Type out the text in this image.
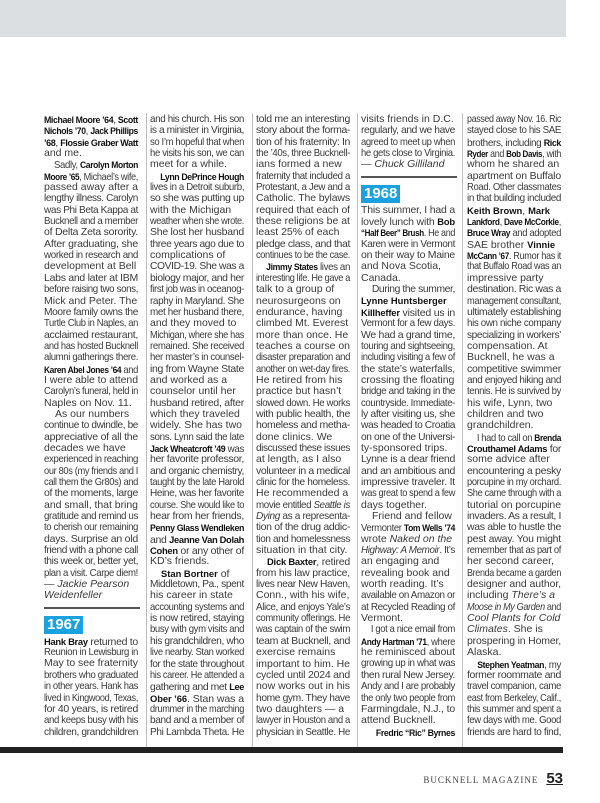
Michael Moore ’64, Scott
Nichols ’70, Jack Phillips
’68, Flossie Graber Watt
and me.
Sadly, Carolyn Morton
Moore ’65, Michael’s wife,
passed away after a
lengthy illness. Carolyn
was Phi Beta Kappa at
Bucknell and a member
of Delta Zeta sorority.
After graduating, she
worked in research and
development at Bell
Labs and later at IBM
before raising two sons,
Mick and Peter. The
Moore family owns the
Turtle Club in Naples, an
acclaimed restaurant,
and has hosted Bucknell
alumni gatherings there.
Karen Abel Jones ’64 and
I were able to attend
Carolyn’s funeral, held in
Naples on Nov. 11.
As our numbers
continue to dwindle, be
appreciative of all the
decades we have
experienced in reaching
our 80s (my friends and I
call them the Gr80s) and
of the moments, large
and small, that bring
gratitude and remind us
to cherish our remaining
days. Surprise an old
friend with a phone call
this week or, better yet,
plan a visit. Carpe diem!
— Jackie Pearson
Weidenfeller
1967
Hank Bray returned to
Reunion in Lewisburg in
May to see fraternity
brothers who graduated
in other years. Hank has
lived in Kingwood, Texas,
for 40 years, is retired
and keeps busy with his
children, grandchildren
and his church. His son
is a minister in Virginia,
so I’m hopeful that when
he visits his son, we can
meet for a while.
Lynn DePrince Hough
lives in a Detroit suburb,
so she was putting up
with the Michigan
weather when she wrote.
She lost her husband
three years ago due to
complications of
COVID-19. She was a
biology major, and her
first job was in oceanog-
raphy in Maryland. She
met her husband there,
and they moved to
Michigan, where she has
remained. She received
her master’s in counsel-
ing from Wayne State
and worked as a
counselor until her
husband retired, after
which they traveled
widely. She has two
sons. Lynn said the late
Jack Wheatcroft ’49 was
her favorite professor,
and organic chemistry,
taught by the late Harold
Heine, was her favorite
course. She would like to
hear from her friends,
Penny Glass Wendleken
and Jeanne Van Dolah
Cohen or any other of
KD’s friends.
Stan Bortner of
Middletown, Pa., spent
his career in state
accounting systems and
is now retired, staying
busy with gym visits and
his grandchildren, who
live nearby. Stan worked
for the state throughout
his career. He attended a
gathering and met Lee
Ober ’66. Stan was a
drummer in the marching
band and a member of
Phi Lambda Theta. He
told me an interesting
story about the forma-
tion of his fraternity: In
the ’40s, three Bucknell-
ians formed a new
fraternity that included a
Protestant, a Jew and a
Catholic. The bylaws
required that each of
these religions be at
least 25% of each
pledge class, and that
continues to be the case.
Jimmy States lives an
interesting life. He gave a
talk to a group of
neurosurgeons on
endurance, having
climbed Mt. Everest
more than once. He
teaches a course on
disaster preparation and
another on wet-day fires.
He retired from his
practice but hasn’t
slowed down. He works
with public health, the
homeless and metha-
done clinics. We
discussed these issues
at length, as I also
volunteer in a medical
clinic for the homeless.
He recommended a
movie entitled Seattle is
Dying as a representa-
tion of the drug addic-
tion and homelessness
situation in that city.
Dick Baxter, retired
from his law practice,
lives near New Haven,
Conn., with his wife,
Alice, and enjoys Yale’s
community offerings. He
was captain of the swim
team at Bucknell, and
exercise remains
important to him. He
cycled until 2024 and
now works out in his
home gym. They have
two daughters — a
lawyer in Houston and a
physician in Seattle. He
visits friends in D.C.
regularly, and we have
agreed to meet up when
he gets close to Virginia.
— Chuck Gilliland
1968
This summer, I had a
lovely lunch with Bob
“Half Beer” Brush. He and
Karen were in Vermont
on their way to Maine
and Nova Scotia,
Canada.
During the summer,
Lynne Huntsberger
Killheffer visited us in
Vermont for a few days.
We had a grand time,
touring and sightseeing,
including visiting a few of
the state’s waterfalls,
crossing the floating
bridge and taking in the
countryside. Immediate-
ly after visiting us, she
was headed to Croatia
on one of the Universi-
ty-sponsored trips.
Lynne is a dear friend
and an ambitious and
impressive traveler. It
was great to spend a few
days together.
Friend and fellow
Vermonter Tom Wells ’74
wrote Naked on the
Highway: A Memoir. It’s
an engaging and
revealing book and
worth reading. It’s
available on Amazon or
at Recycled Reading of
Vermont.
I got a nice email from
Andy Hartman ’71, where
he reminisced about
growing up in what was
then rural New Jersey.
Andy and I are probably
the only two people from
Farmingdale, N.J., to
attend Bucknell.
Fredric “Ric” Byrnes
passed away Nov. 16. Ric
stayed close to his SAE
brothers, including Rick
Ryder and Bob Davis, with
whom he shared an
apartment on Buffalo
Road. Other classmates
in that building included
Keith Brown, Mark
Lankford, Dave McCorkle,
Bruce Wray and adopted
SAE brother Vinnie
McCann ’67. Rumor has it
that Buffalo Road was an
impressive party
destination. Ric was a
management consultant,
ultimately establishing
his own niche company
specializing in workers’
compensation. At
Bucknell, he was a
competitive swimmer
and enjoyed hiking and
tennis. He is survived by
his wife, Lynn, two
children and two
grandchildren.
I had to call on Brenda
Crouthamel Adams for
some advice after
encountering a pesky
porcupine in my orchard.
She came through with a
tutorial on porcupine
invaders. As a result, I
was able to hustle the
pest away. You might
remember that as part of
her second career,
Brenda became a garden
designer and author,
including There’s a
Moose in My Garden and
Cool Plants for Cold
Climates. She is
prospering in Homer,
Alaska.
Stephen Yeatman, my
former roommate and
travel companion, came
east from Berkeley, Calif.,
this summer and spent a
few days with me. Good
friends are hard to find,
BUCKNELL MAGAZINE 53
